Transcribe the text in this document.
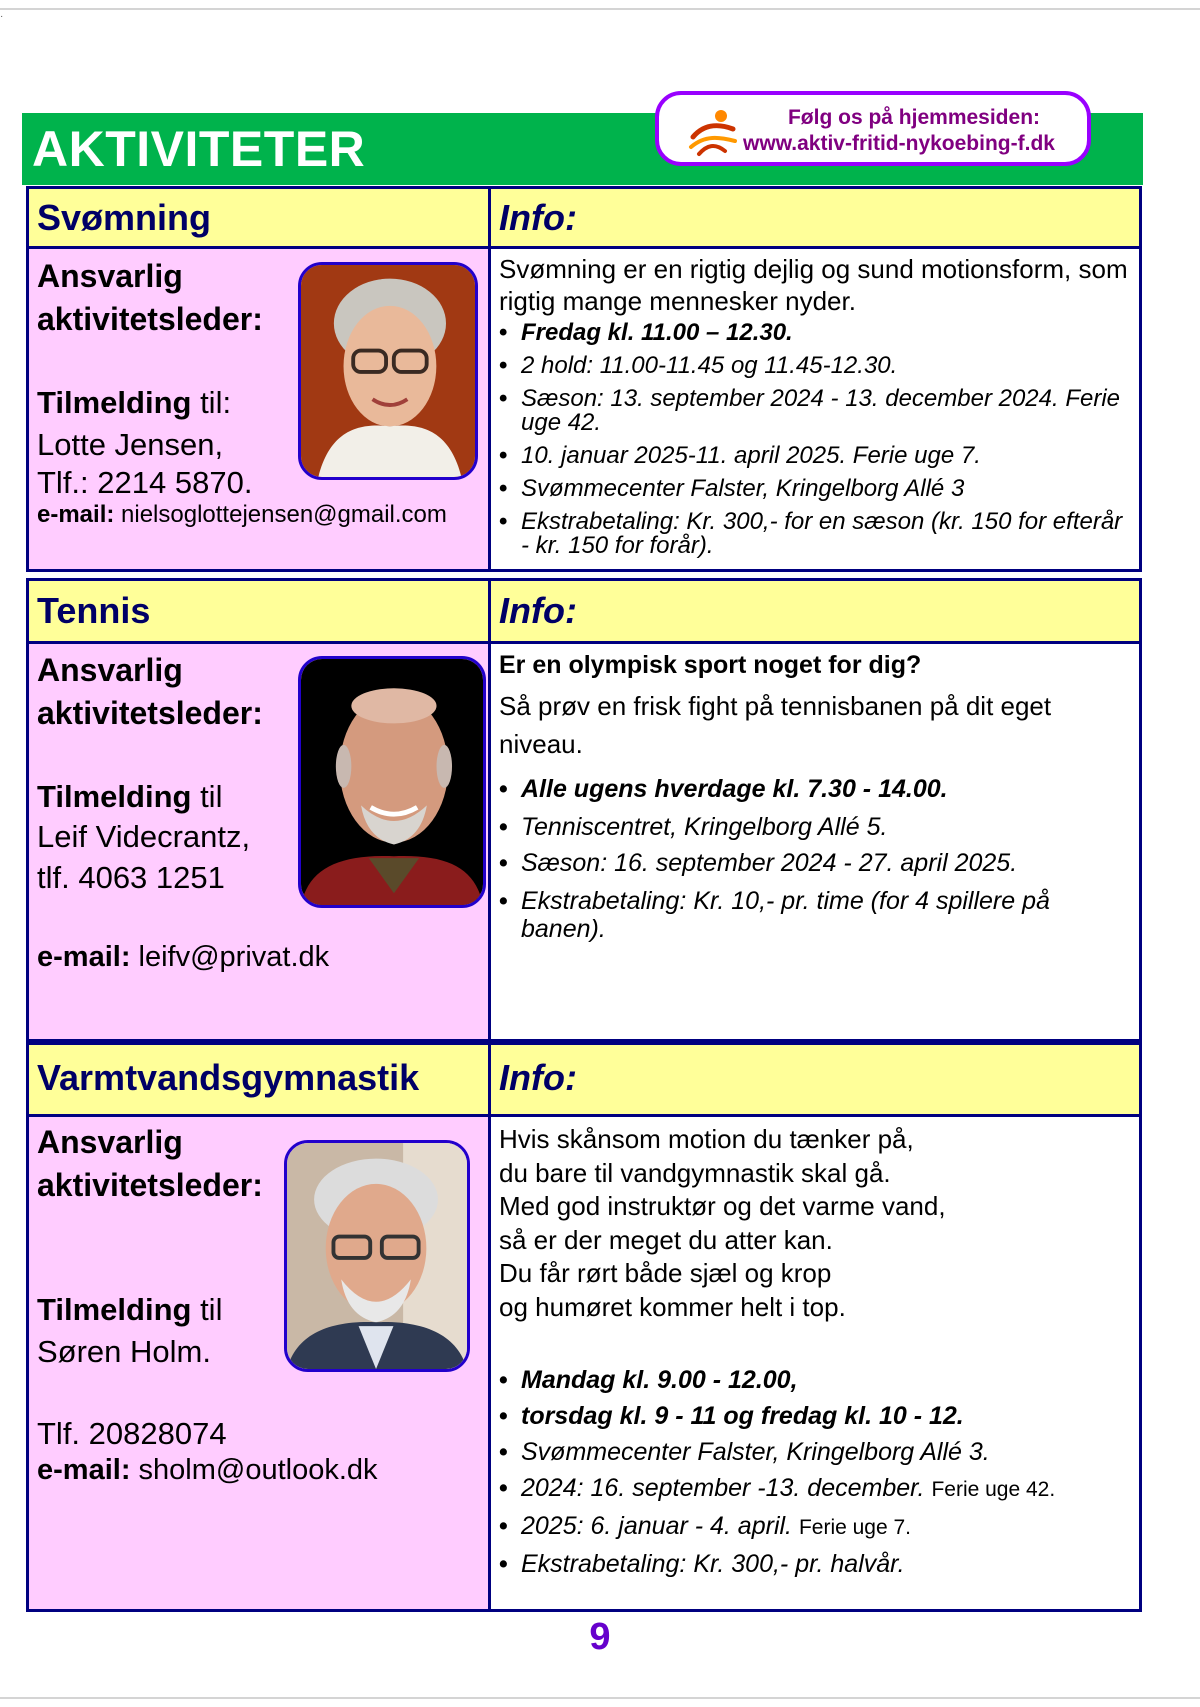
·
AKTIVITETER
Følg os på hjemmesiden:
www.aktiv-fritid-nykoebing-f.dk
Svømning
Ansvarlig aktivitetsleder:
Tilmelding til:
Lotte Jensen,
Tlf.: 2214 5870.
e-mail: nielsoglottejensen@gmail.com
Info:
Svømning er en rigtig dejlig og sund motionsform, som rigtig mange mennesker nyder.
• Fredag kl. 11.00 – 12.30.
• 2 hold: 11.00-11.45 og 11.45-12.30.
• Sæson: 13. september 2024 - 13. december 2024. Ferie uge 42.
• 10. januar 2025-11. april 2025. Ferie uge 7.
• Svømmecenter Falster, Kringelborg Allé 3
• Ekstrabetaling: Kr. 300,- for en sæson (kr. 150 for efterår - kr. 150 for forår).
Tennis
Ansvarlig aktivitetsleder:
Tilmelding til
Leif Videcrantz,
tlf. 4063 1251
e-mail: leifv@privat.dk
Info:
Er en olympisk sport noget for dig?
Så prøv en frisk fight på tennisbanen på dit eget niveau.
• Alle ugens hverdage kl. 7.30 - 14.00.
• Tenniscentret, Kringelborg Allé 5.
• Sæson: 16. september 2024 - 27. april 2025.
• Ekstrabetaling: Kr. 10,- pr. time (for 4 spillere på banen).
Varmtvandsgymnastik
Ansvarlig aktivitetsleder:
Tilmelding til
Søren Holm.
Tlf. 20828074
e-mail: sholm@outlook.dk
Info:
Hvis skånsom motion du tænker på,
du bare til vandgymnastik skal gå.
Med god instruktør og det varme vand,
så er der meget du atter kan.
Du får rørt både sjæl og krop
og humøret kommer helt i top.
• Mandag kl. 9.00 - 12.00,
• torsdag kl. 9 - 11 og fredag kl. 10 - 12.
• Svømmecenter Falster, Kringelborg Allé 3.
• 2024: 16. september -13. december. Ferie uge 42.
• 2025: 6. januar - 4. april. Ferie uge 7.
• Ekstrabetaling: Kr. 300,- pr. halvår.
9
